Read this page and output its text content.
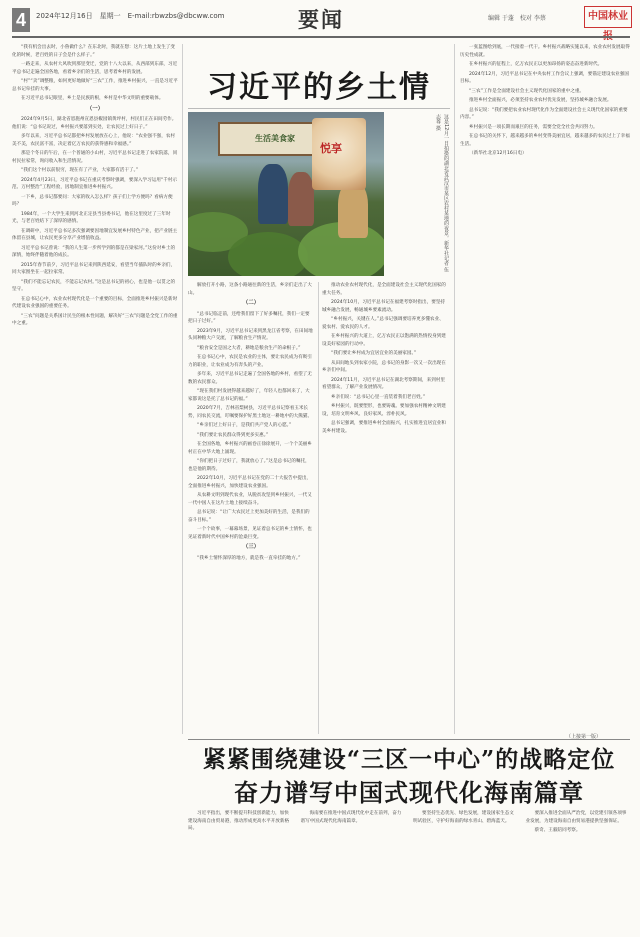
4	2024年12月16日　星期一　E-mail:rbwzbs@dbcww.com	要闻	编辑 于蓬　校对 李蔡	中国林业

“我有机会出去时，小鲁做什么？在东北时，我就在想：这片土地上发生了变化的时候，老百姓的日子会是什么样子。”

一路走来，从农村大风吹到那里变迁，党的十八大以来，从西部到东部，习近平总书记走遍全国各地，看着乡亲们的生活，思考着乡村的发展。

“村”“卖”调整粮，如何更好地做好“三农”工作，推进乡村振兴，一直是习近平总书记牵挂的大事。

在习近平总书记眼里，乡土是民族的根，乡村是中华文明的重要载体。

（一）

2024年9月5日，湖北省恩施州宣恩县椒园镇黄坪村，村民们正在田间劳作。他们说：“总书记说过，乡村振兴要落到实处，让农民过上好日子。”

多年以来，习近平总书记都把乡村发展放在心上，他说：“农业强不强，农村美不美，农民富不富，决定着亿万农民的获得感和幸福感。”

那是个冬日的午后，在一个普通的小山村，习近平总书记走进了农家院落，同村民拉家常，询问收入和生活情况。

“我们这个村以前很穷，现在有了产业，大家都有活干了。”

2024年4月23日，习近平总书记在重庆考察时强调，要深入学习运用“千村示范、万村整治”工程经验，因地制宜推进乡村振兴。

一下乡，总书记都要问：大家的收入怎么样？孩子们上学方便吗？看病方便吗？

1984年，一个大学生来到河北正定县当县委书记，他在这里度过了三年时光，与老百姓结下了深厚的感情。

在调研中，习近平总书记多次强调要因地制宜发展乡村特色产业，把产业链主体留在县城，让农民更多分享产业增值收益。

习近平总书记曾说：“我的人生第一步所学到的都是在梁家河。”这份对乡土的深情，始终伴随着他的成长。

2015年春节前夕，习近平总书记来到陕西延安，看望当年插队时的乡亲们，同大家围坐在一起拉家常。

“我们不能忘记农民，不能忘记农村。”这是总书记的初心，也是他一以贯之的坚守。

在总书记心中，农业农村现代化是一个重要的目标，全面推进乡村振兴是新时代建设农业强国的重要任务。

“三农”问题是关系国计民生的根本性问题，解决好“三农”问题是全党工作的重中之重。

习近平的乡土情
生活美食家
悦享	这是12月一日拍摄的湖北省武汉市某区农村某地的夜景。新华社记者 伍志尊 摄

解放打开小路，这条小路通往新的生活，乡亲们走出了大山。

（二）

“总书记临走前，还给我们留下了好多嘱托，我们一定要把日子过好。”

2023年9月，习近平总书记来到黑龙江省考察，在田间地头同种粮大户交流，了解粮食生产情况。

“粮食安全是国之大者，耕地是粮食生产的命根子。”

在总书记心中，农民是农业的主体，要让农民成为有吸引力的职业，让农业成为有奔头的产业。

多年来，习近平总书记走遍了全国各地的乡村，看望了无数的农民群众。

“现在我们村发展得越来越好了，年轻人也都回来了，大家都说这是托了总书记的福。”

2020年7月，吉林省梨树县，习近平总书记察看玉米长势，同农民交流，叮嘱要保护好黑土地这一耕地中的大熊猫。

“乡亲们过上好日子，是我们共产党人的心愿。”

“我们要让农民群众得到更多实惠。”

在全国各地，乡村振兴的画卷正徐徐展开，一个个美丽乡村正在中华大地上涌现。

“你们把日子过好了，我就放心了。”这是总书记的嘱托，也是他的期待。

2022年10月，习近平总书记在党的二十大报告中提出，全面推进乡村振兴，加快建设农业强国。

从农耕文明到现代农业，从脱贫攻坚到乡村振兴，一代又一代中国人在这片土地上接续奋斗。

总书记说：“让广大农民过上更加美好的生活，是我们的奋斗目标。”

一个个故事，一幕幕场景，见证着总书记的乡土情怀，也见证着新时代中国乡村的沧桑巨变。

（三）

“我乡土情怀深厚的地方，就是我一直牵挂的地方。”

推动农业农村现代化，是全面建设社会主义现代化国家的重大任务。

2024年10月，习近平总书记在福建考察时指出，要坚持城乡融合发展，畅通城乡要素流动。

“乡村振兴，关键在人。”总书记强调要培养更多懂农业、爱农村、爱农民的人才。

在乡村振兴的大道上，亿万农民正以饱满的热情投身到建设美好家园的行动中。

“我们要让乡村成为宜居宜业的美丽家园。”

从田间地头到农家小院，总书记的身影一次又一次出现在乡亲们中间。

2024年11月，习近平总书记在湖北考察期间，来到村里看望群众，了解产业发展情况。

乡亲们说：“总书记心里一直装着我们老百姓。”

乡村振兴，既要塑形，也要铸魂。要加强农村精神文明建设，培育文明乡风、良好家风、淳朴民风。

总书记强调，要推进乡村全面振兴，扎实推进宜居宜业和美乡村建设。

一张蓝图绘到底，一代接着一代干。乡村振兴战略实施以来，农业农村发展取得历史性成就。

在乡村振兴的征程上，亿万农民正以更加昂扬的姿态奋进新时代。

2024年12月，习近平总书记在中央农村工作会议上强调，要锚定建设农业强国目标。

“三农”工作是全面建设社会主义现代化国家的重中之重。

推进乡村全面振兴，必须坚持农业农村优先发展，坚持城乡融合发展。

总书记说：“我们要把农业农村现代化作为全面建设社会主义现代化国家的重要内容。”

乡村振兴是一项长期而艰巨的任务，需要全党全社会共同努力。

在总书记的关怀下，越来越多的乡村变得美丽宜居，越来越多的农民过上了幸福生活。

（新华社北京12月16日电）

（上接第一版）
紧紧围绕建设“三区一中心”的战略定位
奋力谱写中国式现代化海南篇章

习近平指出，要不断提升科技创新能力，加快建设海南自由贸易港，推动形成更高水平开放新格局。

海南要在推进中国式现代化中走在前列，奋力谱写中国式现代化海南篇章。

要坚持生态优先、绿色发展，建设国家生态文明试验区，守护好海南的绿水青山、碧海蓝天。

要深入推进全面从严治党，以党建引领各项事业发展，为建设海南自由贸易港提供坚强保证。

蔡奇、王毅陪同考察。
